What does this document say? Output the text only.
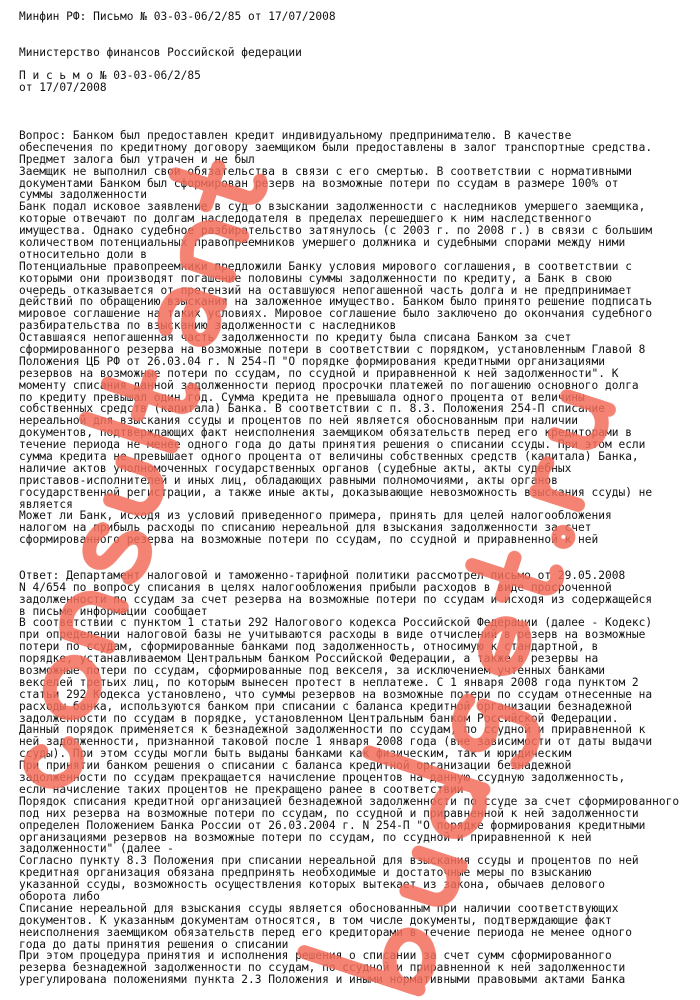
Минфин РФ: Письмо № 03-03-06/2/85 от 17/07/2008
Министерство финансов Российской федерации
П и с ь м о № 03-03-06/2/85
от 17/07/2008
Вопрос: Банком был предоставлен кредит индивидуальному предпринимателю. В качестве
обеспечения по кредитному договору заемщиком были предоставлены в залог транспортные средства.
Предмет залога был утрачен и не был
Заемщик не выполнил свои обязательства в связи с его смертью. В соответствии с нормативными
документами Банком был сформирован резерв на возможные потери по ссудам в размере 100% от
суммы задолженности
Банк подал исковое заявление в суд о взыскании задолженности с наследников умершего заемщика,
которые отвечают по долгам наследодателя в пределах перешедшего к ним наследственного
имущества. Однако судебное разбирательство затянулось (с 2003 г. по 2008 г.) в связи с большим
количеством потенциальных правопреемников умершего должника и судебными спорами между ними
относительно доли в
Потенциальные правопреемники предложили Банку условия мирового соглашения, в соответствии с
которыми они производят погашение половины суммы задолженности по кредиту, а Банк в свою
очередь отказывается от претензий на оставшуюся непогашенной часть долга и не предпринимает
действий по обращению взыскания на заложенное имущество. Банком было принято решение подписать
мировое соглашение на таких условиях. Мировое соглашение было заключено до окончания судебного
разбирательства по взысканию задолженности с наследников
Оставшаяся непогашенная часть задолженности по кредиту была списана Банком за счет
сформированного резерва на возможные потери в соответствии с порядком, установленным Главой 8
Положения ЦБ РФ от 26.03.04 г. N 254-П "О порядке формирования кредитными организациями
резервов на возможные потери по ссудам, по ссудной и приравненной к ней задолженности". К
моменту списания данной задолженности период просрочки платежей по погашению основного долга
по кредиту превышал один год. Сумма кредита не превышала одного процента от величины
собственных средств (капитала) Банка. В соответствии с п. 8.3. Положения 254-П списание
нереальной для взыскания ссуды и процентов по ней является обоснованным при наличии
документов, подтверждающих факт неисполнения заемщиком обязательств перед его кредиторами в
течение периода не менее одного года до даты принятия решения о списании ссуды. При этом если
сумма кредита не превышает одного процента от величины собственных средств (капитала) Банка,
наличие актов уполномоченных государственных органов (судебные акты, акты судебных
приставов-исполнителей и иных лиц, обладающих равными полномочиями, акты органов
государственной регистрации, а также иные акты, доказывающие невозможность взыскания ссуды) не
является
Может ли Банк, исходя из условий приведенного примера, принять для целей налогообложения
налогом на прибыль расходы по списанию нереальной для взыскания задолженности за счет
сформированного резерва на возможные потери по ссудам, по ссудной и приравненной к ней
Ответ: Департамент налоговой и таможенно-тарифной политики рассмотрел письмо от 29.05.2008
N 4/654 по вопросу списания в целях налогообложения прибыли расходов в виде просроченной
задолженности по ссудам за счет резерва на возможные потери по ссудам и исходя из содержащейся
в письме информации сообщает
В соответствии с пунктом 1 статьи 292 Налогового кодекса Российской Федерации (далее - Кодекс)
при определении налоговой базы не учитываются расходы в виде отчислений в резерв на возможные
потери по ссудам, сформированные банками под задолженность, относимую к стандартной, в
порядке, устанавливаемом Центральным банком Российской Федерации, а также в резервы на
возможные потери по ссудам, сформированные под векселя, за исключением учтенных банками
векселей третьих лиц, по которым вынесен протест в неплатеже. С 1 января 2008 года пунктом 2
статьи 292 Кодекса установлено, что суммы резервов на возможные потери по ссудам отнесенные на
расходы банка, используются банком при списании с баланса кредитной организации безнадежной
задолженности по ссудам в порядке, установленном Центральным банком Российской Федерации.
Данный порядок применяется к безнадежной задолженности по ссудам, по ссудной и приравненной к
ней задолженности, признанной таковой после 1 января 2008 года (вне зависимости от даты выдачи
ссуды). При этом ссуды могли быть выданы банками как физическим, так и юридическим
При принятии банком решения о списании с баланса кредитной организации безнадежной
задолженности по ссудам прекращается начисление процентов на данную ссудную задолженность,
если начисление таких процентов не прекращено ранее в соответствии
Порядок списания кредитной организацией безнадежной задолженности по ссуде за счет сформированного
под них резерва на возможные потери по ссудам, по ссудной и приравненной к ней задолженности
определен Положением Банка России от 26.03.2004 г. N 254-П "О порядке формирования кредитными
организациями резервов на возможные потери по ссудам, по ссудной и приравненной к ней
задолженности" (далее -
Согласно пункту 8.3 Положения при списании нереальной для взыскания ссуды и процентов по ней
кредитная организация обязана предпринять необходимые и достаточные меры по взысканию
указанной ссуды, возможность осуществления которых вытекает из закона, обычаев делового
оборота либо
Списание нереальной для взыскания ссуды является обоснованным при наличии соответствующих
документов. К указанным документам относятся, в том числе документы, подтверждающие факт
неисполнения заемщиком обязательств перед его кредиторами в течение периода не менее одного
года до даты принятия решения о списании
При этом процедура принятия и исполнения решения о списании за счет сумм сформированного
резерва безнадежной задолженности по ссудам, по ссудной и приравненной к ней задолженности
урегулирована положениями пункта 2.3 Положения и иными нормативными правовыми актами Банка
